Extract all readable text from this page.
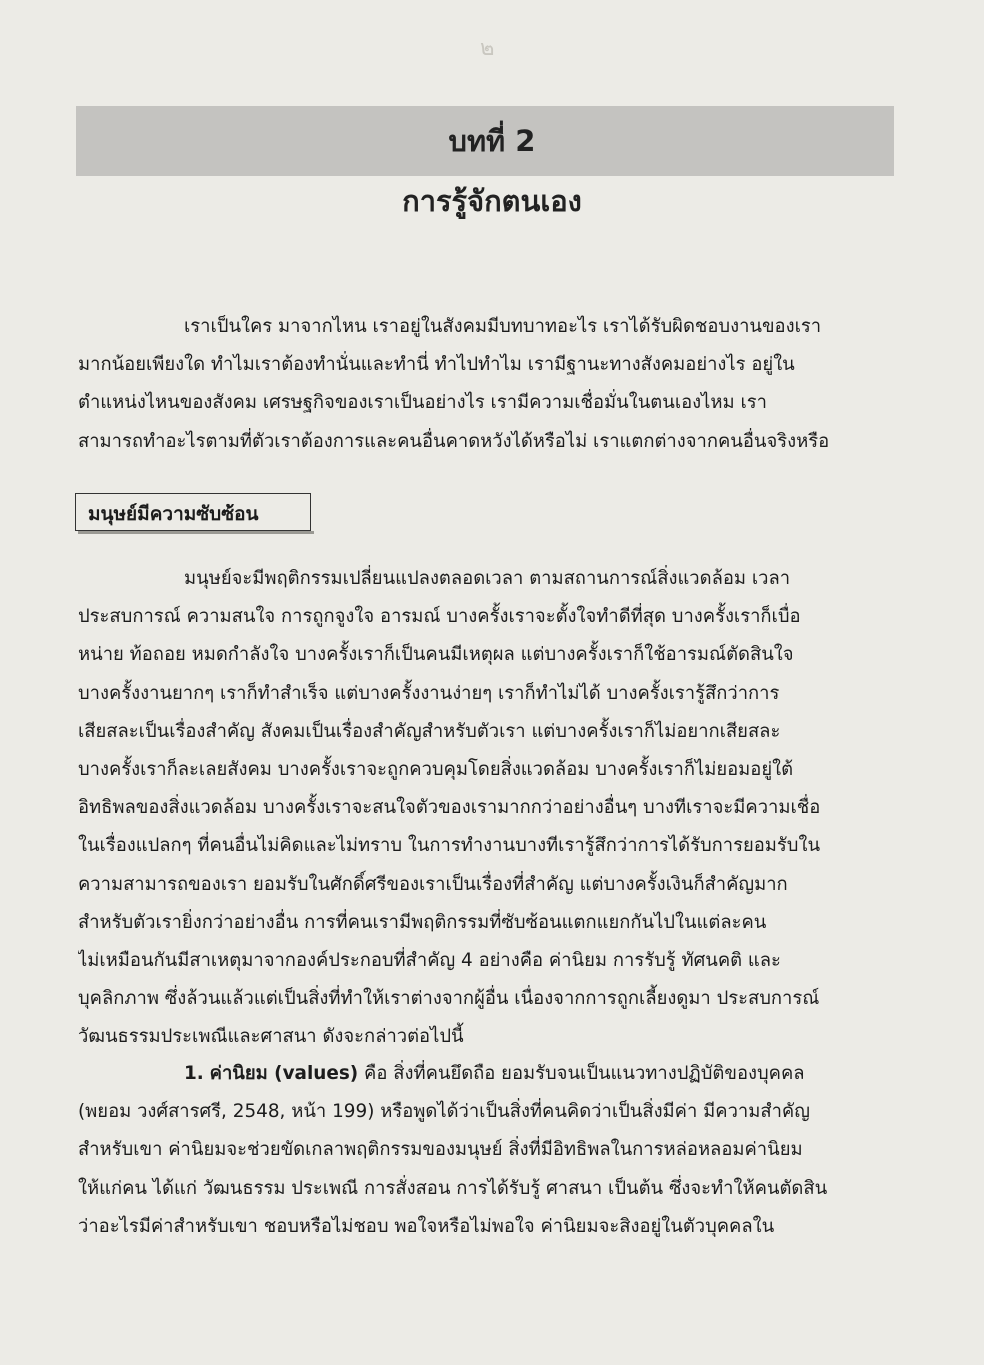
๒
บทที่ 2
การรู้จักตนเอง

เราเป็นใคร มาจากไหน เราอยู่ในสังคมมีบทบาทอะไร เราได้รับผิดชอบงานของเรา
มากน้อยเพียงใด ทำไมเราต้องทำนั่นและทำนี่ ทำไปทำไม เรามีฐานะทางสังคมอย่างไร อยู่ใน
ตำแหน่งไหนของสังคม เศรษฐกิจของเราเป็นอย่างไร เรามีความเชื่อมั่นในตนเองไหม เรา
สามารถทำอะไรตามที่ตัวเราต้องการและคนอื่นคาดหวังได้หรือไม่ เราแตกต่างจากคนอื่นจริงหรือ

มนุษย์มีความซับซ้อน

มนุษย์จะมีพฤติกรรมเปลี่ยนแปลงตลอดเวลา ตามสถานการณ์สิ่งแวดล้อม เวลา
ประสบการณ์ ความสนใจ การถูกจูงใจ อารมณ์ บางครั้งเราจะตั้งใจทำดีที่สุด บางครั้งเราก็เบื่อ
หน่าย ท้อถอย หมดกำลังใจ บางครั้งเราก็เป็นคนมีเหตุผล แต่บางครั้งเราก็ใช้อารมณ์ตัดสินใจ
บางครั้งงานยากๆ เราก็ทำสำเร็จ แต่บางครั้งงานง่ายๆ เราก็ทำไม่ได้ บางครั้งเรารู้สึกว่าการ
เสียสละเป็นเรื่องสำคัญ สังคมเป็นเรื่องสำคัญสำหรับตัวเรา แต่บางครั้งเราก็ไม่อยากเสียสละ
บางครั้งเราก็ละเลยสังคม บางครั้งเราจะถูกควบคุมโดยสิ่งแวดล้อม บางครั้งเราก็ไม่ยอมอยู่ใต้
อิทธิพลของสิ่งแวดล้อม บางครั้งเราจะสนใจตัวของเรามากกว่าอย่างอื่นๆ บางทีเราจะมีความเชื่อ
ในเรื่องแปลกๆ ที่คนอื่นไม่คิดและไม่ทราบ ในการทำงานบางทีเรารู้สึกว่าการได้รับการยอมรับใน
ความสามารถของเรา ยอมรับในศักดิ์ศรีของเราเป็นเรื่องที่สำคัญ แต่บางครั้งเงินก็สำคัญมาก
สำหรับตัวเรายิ่งกว่าอย่างอื่น การที่คนเรามีพฤติกรรมที่ซับซ้อนแตกแยกกันไปในแต่ละคน
ไม่เหมือนกันมีสาเหตุมาจากองค์ประกอบที่สำคัญ 4 อย่างคือ ค่านิยม การรับรู้ ทัศนคติ และ
บุคลิกภาพ ซึ่งล้วนแล้วแต่เป็นสิ่งที่ทำให้เราต่างจากผู้อื่น เนื่องจากการถูกเลี้ยงดูมา ประสบการณ์
วัฒนธรรมประเพณีและศาสนา ดังจะกล่าวต่อไปนี้

1. ค่านิยม (values) คือ สิ่งที่คนยึดถือ ยอมรับจนเป็นแนวทางปฏิบัติของบุคคล
(พยอม วงศ์สารศรี, 2548, หน้า 199) หรือพูดได้ว่าเป็นสิ่งที่คนคิดว่าเป็นสิ่งมีค่า มีความสำคัญ
สำหรับเขา ค่านิยมจะช่วยขัดเกลาพฤติกรรมของมนุษย์ สิ่งที่มีอิทธิพลในการหล่อหลอมค่านิยม
ให้แก่คน ได้แก่ วัฒนธรรม ประเพณี การสั่งสอน การได้รับรู้ ศาสนา เป็นต้น ซึ่งจะทำให้คนตัดสิน
ว่าอะไรมีค่าสำหรับเขา ชอบหรือไม่ชอบ พอใจหรือไม่พอใจ ค่านิยมจะสิงอยู่ในตัวบุคคลใน
